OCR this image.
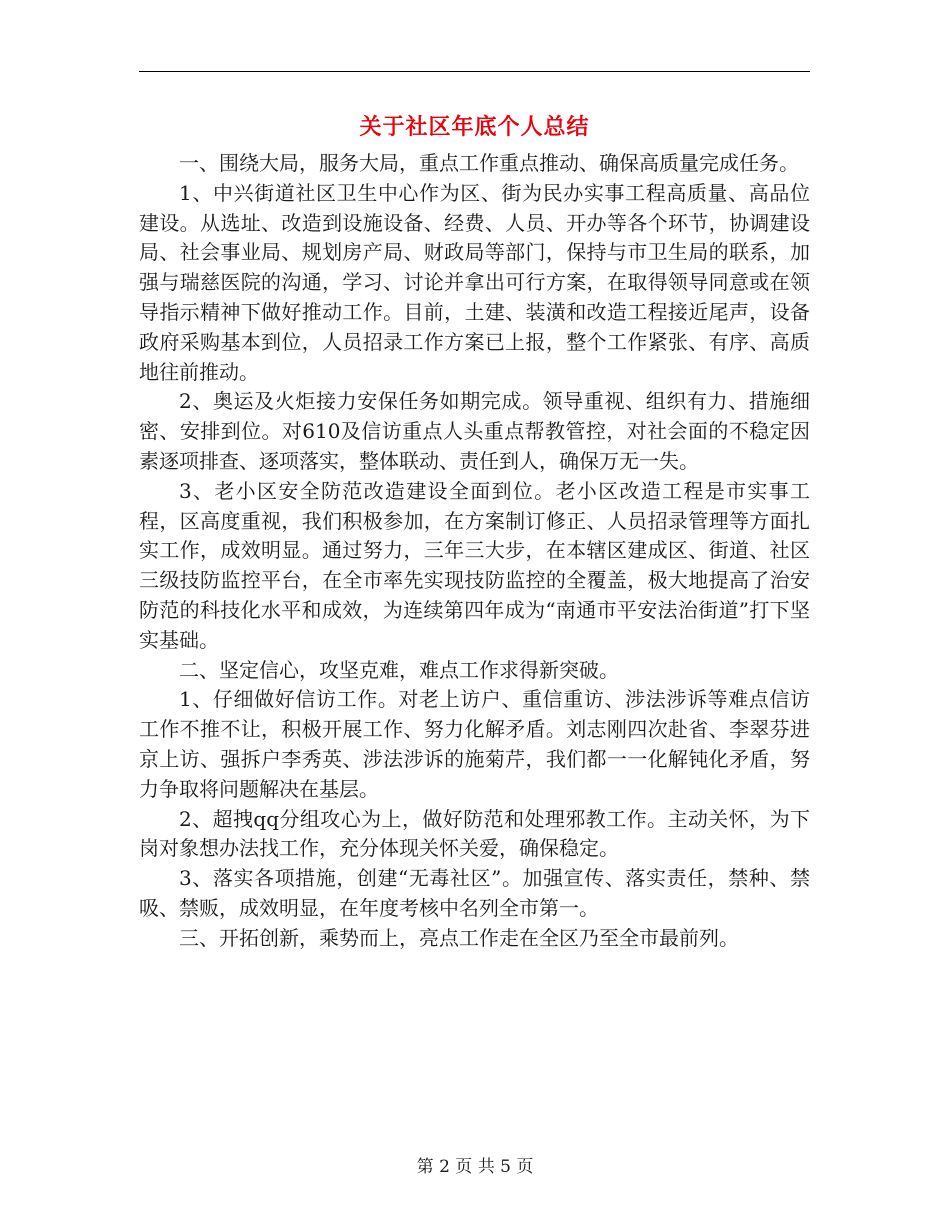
关于社区年底个人总结

一、围绕大局，服务大局，重点工作重点推动、确保高质量完成任务。

1、中兴街道社区卫生中心作为区、街为民办实事工程高质量、高品位建设。从选址、改造到设施设备、经费、人员、开办等各个环节，协调建设局、社会事业局、规划房产局、财政局等部门，保持与市卫生局的联系，加强与瑞慈医院的沟通，学习、讨论并拿出可行方案，在取得领导同意或在领导指示精神下做好推动工作。目前，土建、装潢和改造工程接近尾声，设备政府采购基本到位，人员招录工作方案已上报，整个工作紧张、有序、高质地往前推动。

2、奥运及火炬接力安保任务如期完成。领导重视、组织有力、措施细密、安排到位。对610及信访重点人头重点帮教管控，对社会面的不稳定因素逐项排查、逐项落实，整体联动、责任到人，确保万无一失。

3、老小区安全防范改造建设全面到位。老小区改造工程是市实事工程，区高度重视，我们积极参加，在方案制订修正、人员招录管理等方面扎实工作，成效明显。通过努力，三年三大步，在本辖区建成区、街道、社区三级技防监控平台，在全市率先实现技防监控的全覆盖，极大地提高了治安防范的科技化水平和成效，为连续第四年成为“南通市平安法治街道”打下坚实基础。

二、坚定信心，攻坚克难，难点工作求得新突破。

1、仔细做好信访工作。对老上访户、重信重访、涉法涉诉等难点信访工作不推不让，积极开展工作、努力化解矛盾。刘志刚四次赴省、李翠芬进京上访、强拆户李秀英、涉法涉诉的施菊芹，我们都一一化解钝化矛盾，努力争取将问题解决在基层。

2、超拽qq分组攻心为上，做好防范和处理邪教工作。主动关怀，为下岗对象想办法找工作，充分体现关怀关爱，确保稳定。

3、落实各项措施，创建“无毒社区”。加强宣传、落实责任，禁种、禁吸、禁贩，成效明显，在年度考核中名列全市第一。

三、开拓创新，乘势而上，亮点工作走在全区乃至全市最前列。

第 2 页 共 5 页
